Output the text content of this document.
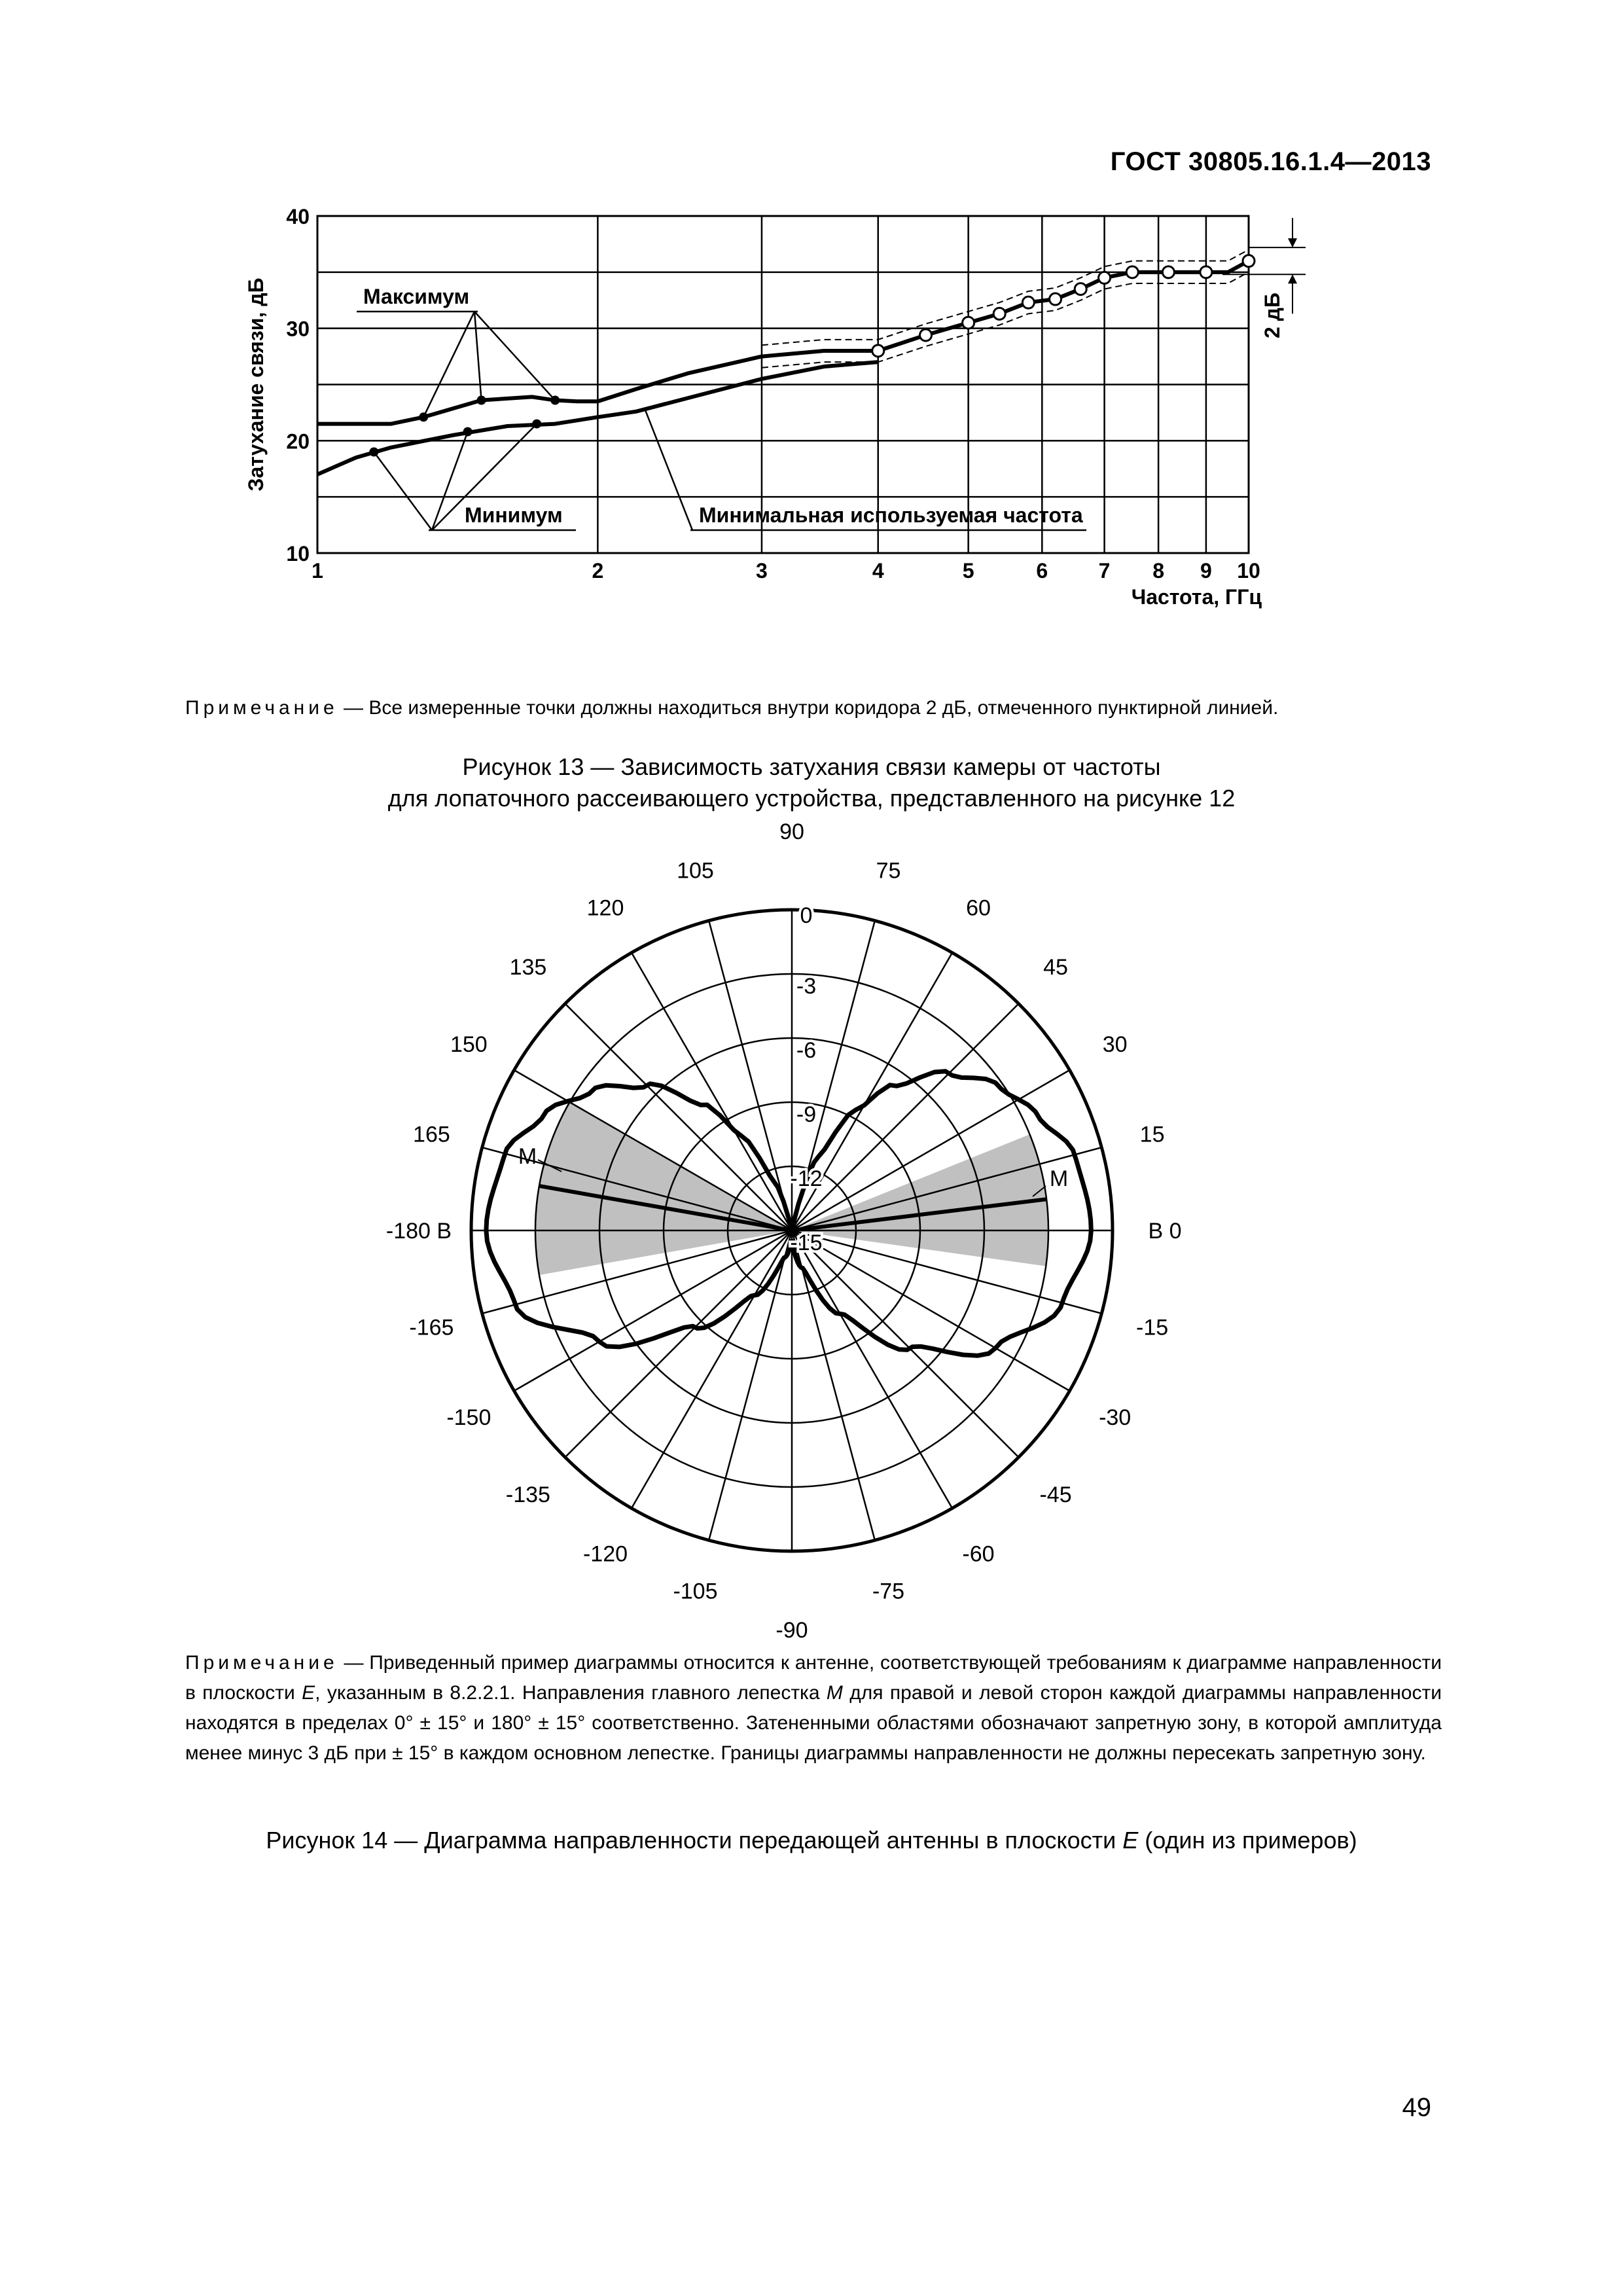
ГОСТ 30805.16.1.4—2013
1	2	3	4	5	6 7 8 9 10
10
20
30
40
Частота, ГГц
Затухание связи, дБ	Максимум
Минимум	Минимальная используемая частота
2 дБ
Примечание — Все измеренные точки должны находиться внутри коридора 2 дБ, отмеченного пунктирной линией.
Рисунок 13 — Зависимость затухания связи камеры от частоты
для лопаточного рассеивающего устройства, представленного на рисунке 12
M
M
0
-3
-6
-9
-12
-15
90
105
120
135
150
165
-180 В
-165
-150
-135
-120
-105
-90
-75
-60
-45
-30
-15
В 0
15
30
45
60
75
Примечание — Приведенный пример диаграммы относится к антенне, соответствующей требованиям к диаграмме направленности в плоскости E, указанным в 8.2.2.1. Направления главного лепестка M для правой и левой сторон каждой диаграммы направленности находятся в пределах 0° ± 15° и 180° ± 15° соответственно. Затененными областями обозначают запретную зону, в которой амплитуда менее минус 3 дБ при ± 15° в каждом основном лепестке. Границы диаграммы направленности не должны пересекать запретную зону.
Рисунок 14 — Диаграмма направленности передающей антенны в плоскости E (один из примеров)
49
